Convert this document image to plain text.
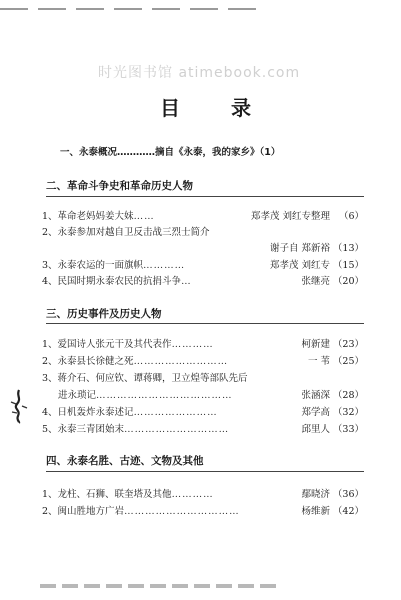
时光图书馆 atimebook.com
目 录
一、永泰概况…………摘自《永泰，我的家乡》（1）
二、革命斗争史和革命历史人物
1、革命老妈妈姜大妹……	郑孝茂 刘红专整理 （6）
2、永泰参加对越自卫反击战三烈士简介
谢子自 郑新裕 （13）
3、永泰农运的一面旗帜…………	郑孝茂 刘红专 （15）
4、民国时期永泰农民的抗捐斗争…	张继亮 （20）
三、历史事件及历史人物
1、爱国诗人张元干及其代表作…………	柯新建 （23）
2、永泰县长徐健之死………………………	一 苇 （25）
3、蒋介石、何应钦、谭蒋卿，卫立煌等部队先后
进永琐记…………………………………	张涵深 （28）
4、日机轰炸永泰述记……………………	郑学高 （32）
5、永泰三青团始末…………………………	邱里人 （33）
四、永泰名胜、古迹、文物及其他
1、龙柱、石狮、联奎塔及其他…………	鄢晓济 （36）
2、闽山胜地方广岩……………………………	杨维新 （42）
